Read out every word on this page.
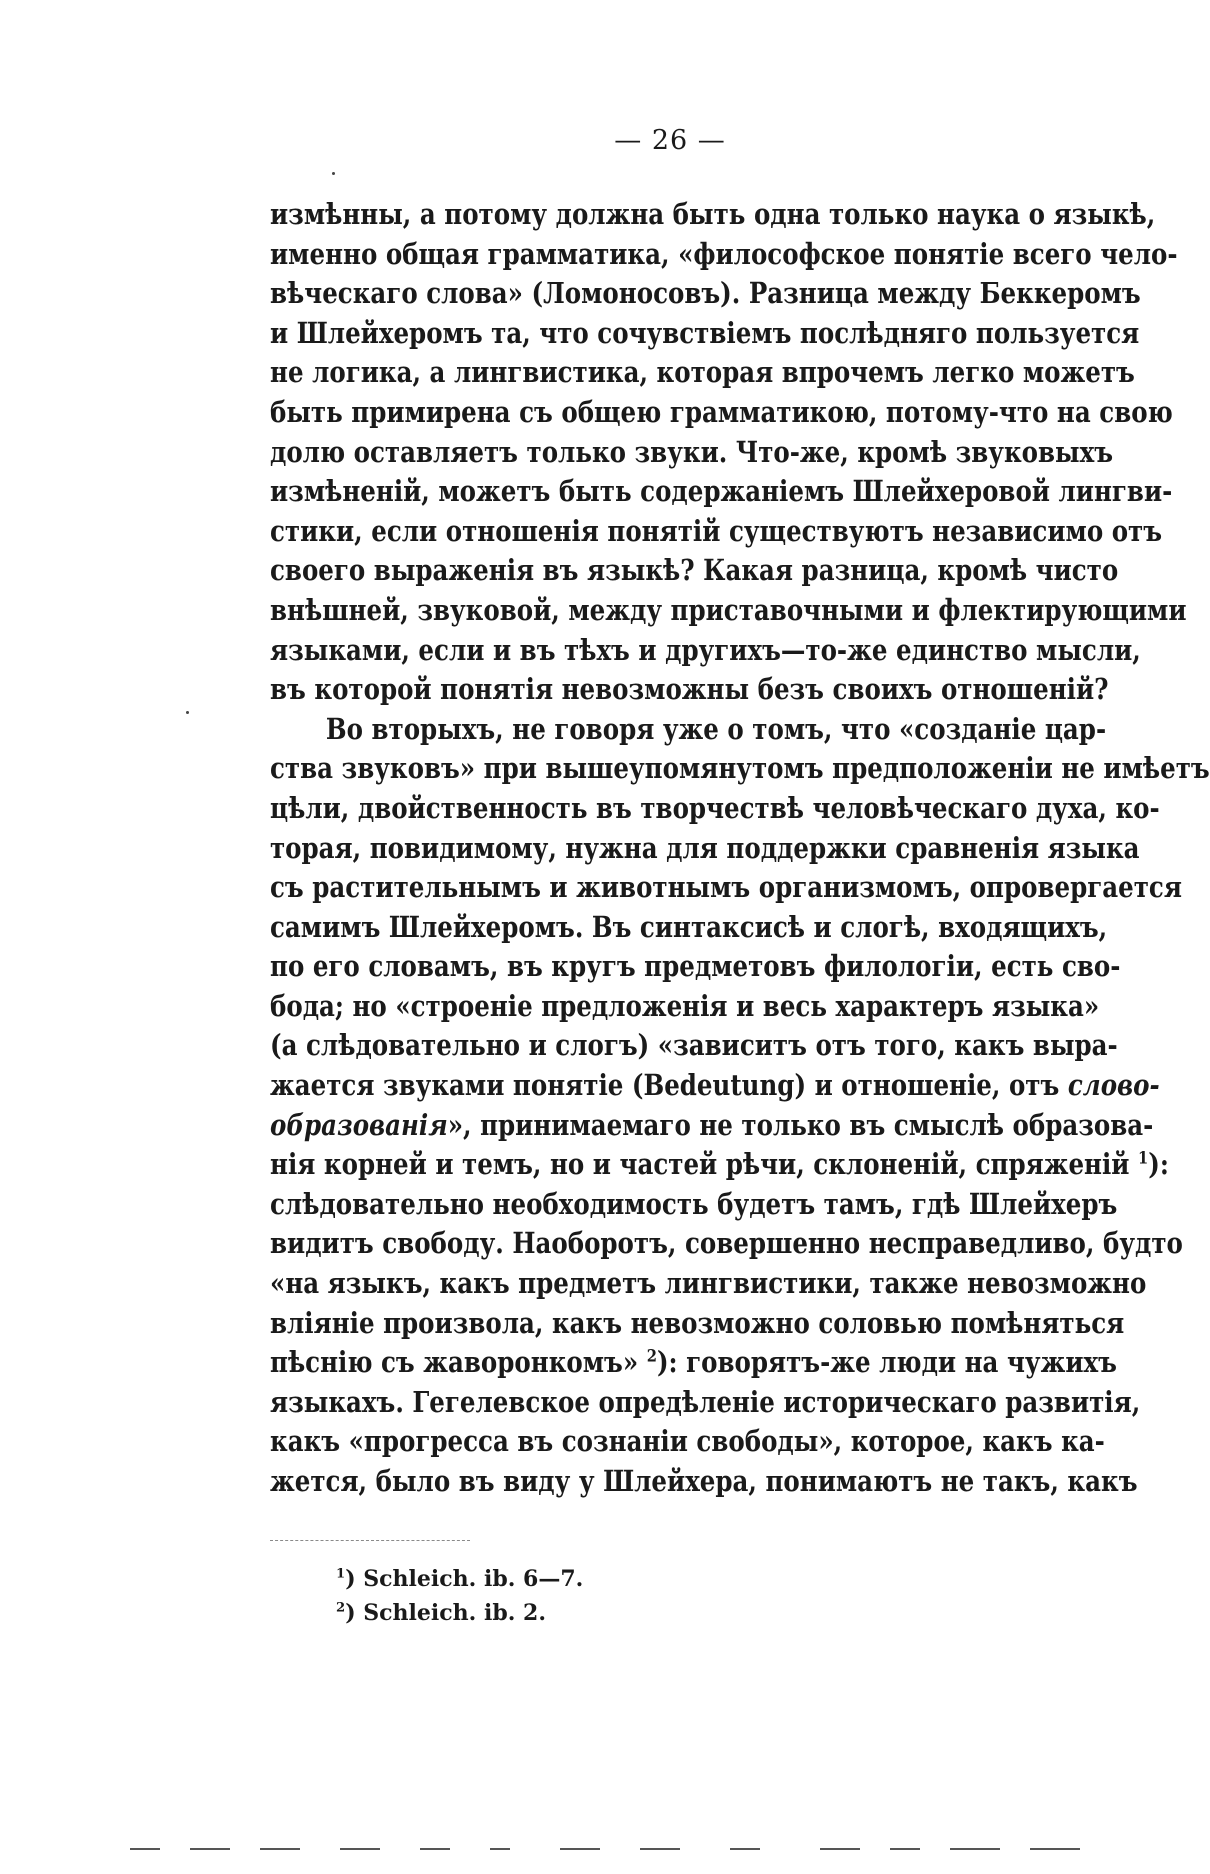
— 26 —
измѣнны, а потому должна быть одна только наука о языкѣ,
именно общая грамматика, «философское понятіе всего чело-
вѣческаго слова» (Ломоносовъ). Разница между Беккеромъ
и Шлейхеромъ та, что сочувствіемъ послѣдняго пользуется
не логика, а лингвистика, которая впрочемъ легко можетъ
быть примирена съ общею грамматикою, потому-что на свою
долю оставляетъ только звуки. Что-же, кромѣ звуковыхъ
измѣненій, можетъ быть содержаніемъ Шлейхеровой лингви-
стики, если отношенія понятій существуютъ независимо отъ
своего выраженія въ языкѣ? Какая разница, кромѣ чисто
внѣшней, звуковой, между приставочными и флектирующими
языками, если и въ тѣхъ и другихъ—то-же единство мысли,
въ которой понятія невозможны безъ своихъ отношеній?
Во вторыхъ, не говоря уже о томъ, что «созданіе цар-
ства звуковъ» при вышеупомянутомъ предположеніи не имѣетъ
цѣли, двойственность въ творчествѣ человѣческаго духа, ко-
торая, повидимому, нужна для поддержки сравненія языка
съ растительнымъ и животнымъ организмомъ, опровергается
самимъ Шлейхеромъ. Въ синтаксисѣ и слогѣ, входящихъ,
по его словамъ, въ кругъ предметовъ филологіи, есть сво-
бода; но «строеніе предложенія и весь характеръ языка»
(а слѣдовательно и слогъ) «зависитъ отъ того, какъ выра-
жается звуками понятіе (Bedeutung) и отношеніе, отъ слово-
образованія», принимаемаго не только въ смыслѣ образова-
нія корней и темъ, но и частей рѣчи, склоненій, спряженій $^1$):
слѣдовательно необходимость будетъ тамъ, гдѣ Шлейхеръ
видитъ свободу. Наоборотъ, совершенно несправедливо, будто
«на языкъ, какъ предметъ лингвистики, также невозможно
вліяніе произвола, какъ невозможно соловью помѣняться
пѣснію съ жаворонкомъ» $^2$): говорятъ-же люди на чужихъ
языкахъ. Гегелевское опредѣленіе историческаго развитія,
какъ «прогресса въ сознаніи свободы», которое, какъ ка-
жется, было въ виду у Шлейхера, понимаютъ не такъ, какъ
$^1$) Schleich. ib. 6—7.
$^2$) Schleich. ib. 2.
